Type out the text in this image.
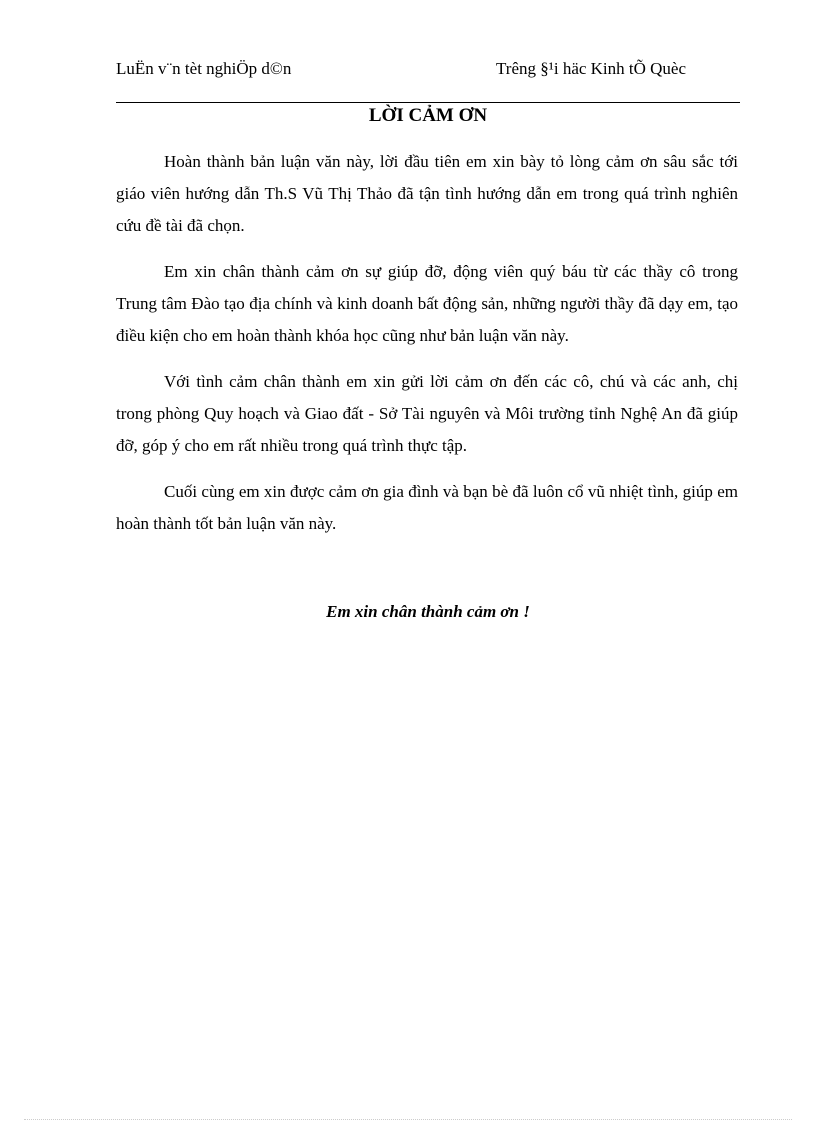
LuËn v¨n tèt nghiÖp d©n	Trêng §¹i häc Kinh tÕ Quèc
LỜI CẢM ƠN

Hoàn thành bản luận văn này, lời đầu tiên em xin bày tỏ lòng cảm ơn sâu sắc tới giáo viên hướng dẫn Th.S Vũ Thị Thảo đã tận tình hướng dẫn em trong quá trình nghiên cứu đề tài đã chọn.

Em xin chân thành cảm ơn sự giúp đỡ, động viên quý báu từ các thầy cô trong Trung tâm Đào tạo địa chính và kinh doanh bất động sản, những người thầy đã dạy em, tạo điều kiện cho em hoàn thành khóa học cũng như bản luận văn này.

Với tình cảm chân thành em xin gửi lời cảm ơn đến các cô, chú và các anh, chị trong phòng Quy hoạch và Giao đất - Sở Tài nguyên và Môi trường tỉnh Nghệ An đã giúp đỡ, góp ý cho em rất nhiều trong quá trình thực tập.

Cuối cùng em xin được cảm ơn gia đình và bạn bè đã luôn cổ vũ nhiệt tình, giúp em hoàn thành tốt bản luận văn này.

Em xin chân thành cảm ơn !
